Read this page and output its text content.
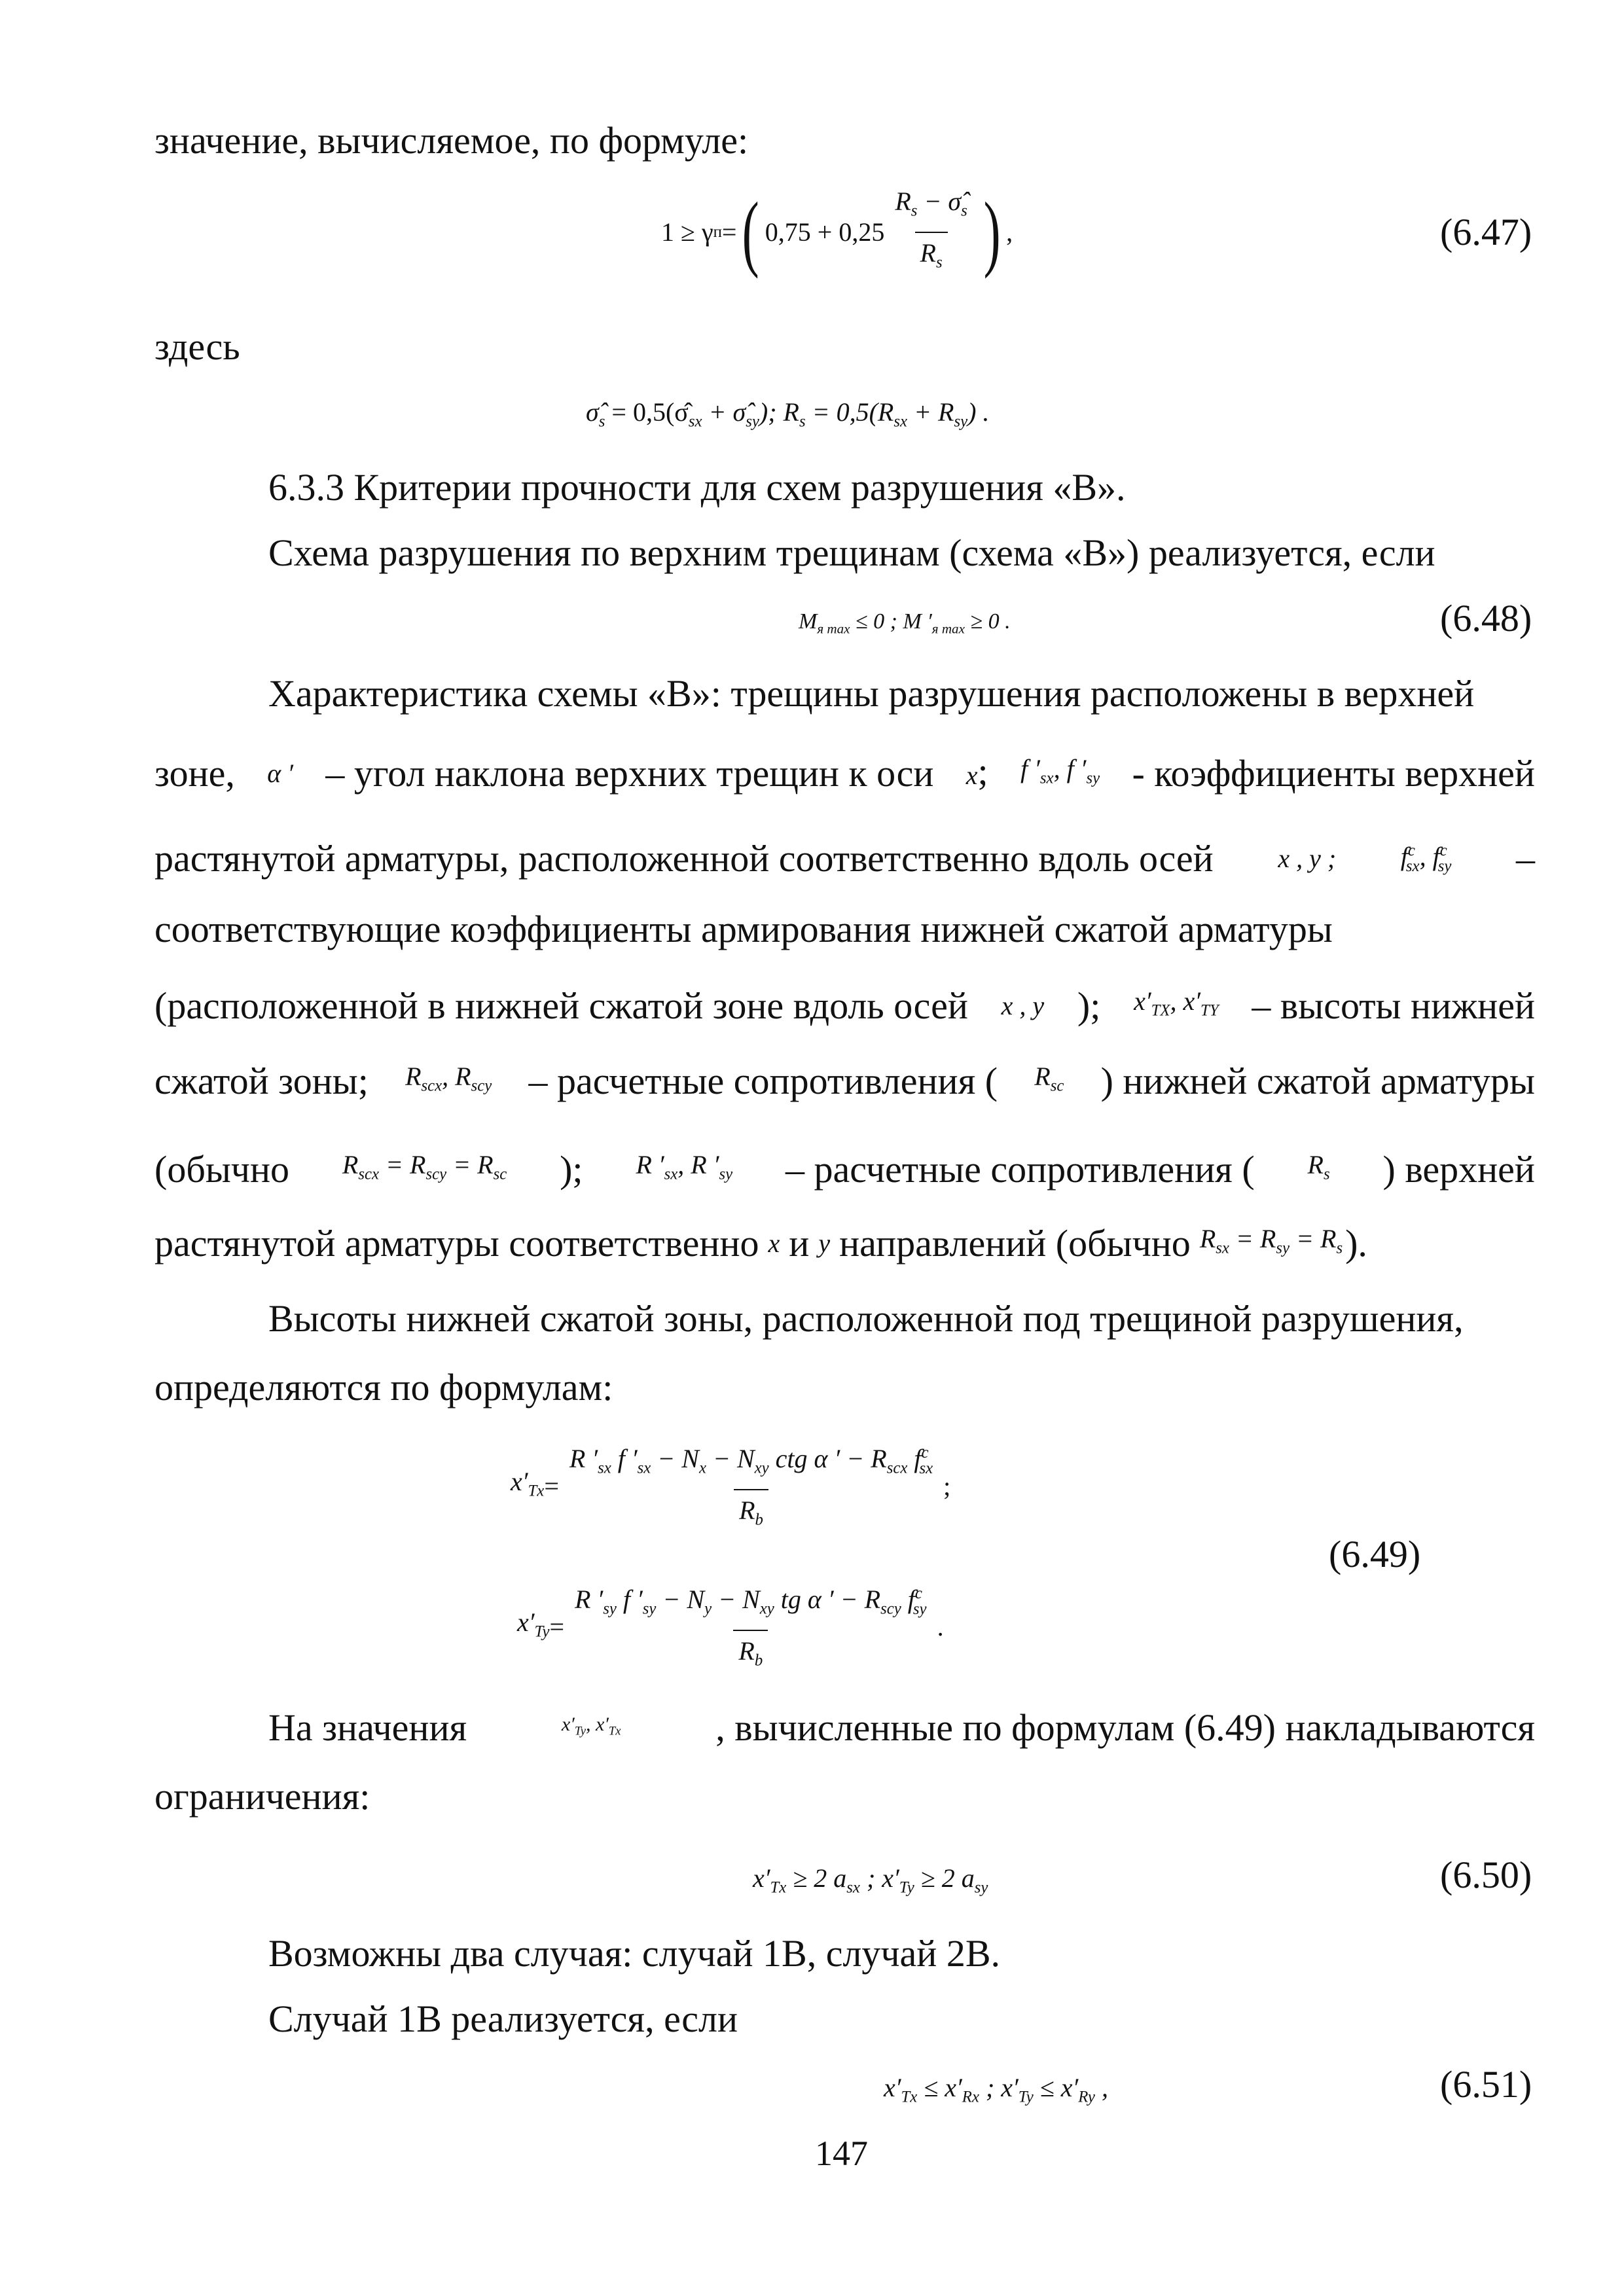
значение, вычисляемое, по формуле:
1 ≥ γ п = ( $0,75 + 0,25 \frac{R_s - \sigmâ_s}{R_s}$ ) ,	(6.47)
здесь
$\sigmâ_s$ = $0,5(\sigmâ_{sx}$ + $\sigmâ_{sy}$); $R_s = 0,5(R_{sx} + R_{sy})$ .
6.3.3 Критерии прочности для схем разрушения «В».
Схема разрушения по верхним трещинам (схема «В») реализуется, если
$M_{я max} \le 0$ ; M $'_{я max} \ge 0$ .	(6.48)
Характеристика схемы «В»: трещины разрушения расположены в верхней
зоне, α ′ – угол наклона верхних трещин к оси x; f $'_{sx}$, f $'_{sy}$ - коэффициенты верхней
растянутой арматуры, расположенной соответственно вдоль осей x , y ; $f^c_{sx}$, $f^c_{sy}$ –
соответствующие коэффициенты армирования нижней сжатой арматуры
(расположенной в нижней сжатой зоне вдоль осей x , y ); $x'_{TX}$, $x'_{TY}$ – высоты нижней
сжатой зоны; $R_{scx}$, $R_{scy}$ – расчетные сопротивления ( $R_{sc}$ ) нижней сжатой арматуры
(обычно $R_{scx} = R_{scy} = R_{sc}$ ); R $'_{sx}$, R $'_{sy}$ – расчетные сопротивления ( $R_s$ ) верхней
растянутой арматуры соответственно x и y направлений (обычно $R_{sx} = R_{sy} = R_s$ ).
Высоты нижней сжатой зоны, расположенной под трещиной разрушения,
определяются по формулам:
$x'_{Tx} = \frac{R '_{sx} f '_{sx} - N_x - N_{xy} ctg \alpha ' - R_{scx} f^c_{sx}}{R_b}$ ;
$x'_{Ty} = \frac{R '_{sy} f '_{sy} - N_y - N_{xy} tg \alpha ' - R_{scy} f^c_{sy}}{R_b}$ .
(6.49)
На значения	$x'_{Ty}$, $x'_{Tx}$ , вычисленные по формулам (6.49) накладываются
ограничения:
$x'_{Tx} \ge 2$ $a_{sx}$ ; $x'_{Ty} \ge 2$ $a_{sy}$	(6.50)
Возможны два случая: случай 1В, случай 2В.
Случай 1В реализуется, если
$x'_{Tx} \le x'_{Rx}$ ; $x'_{Ty} \le x'_{Ry}$ ,	(6.51)
147
